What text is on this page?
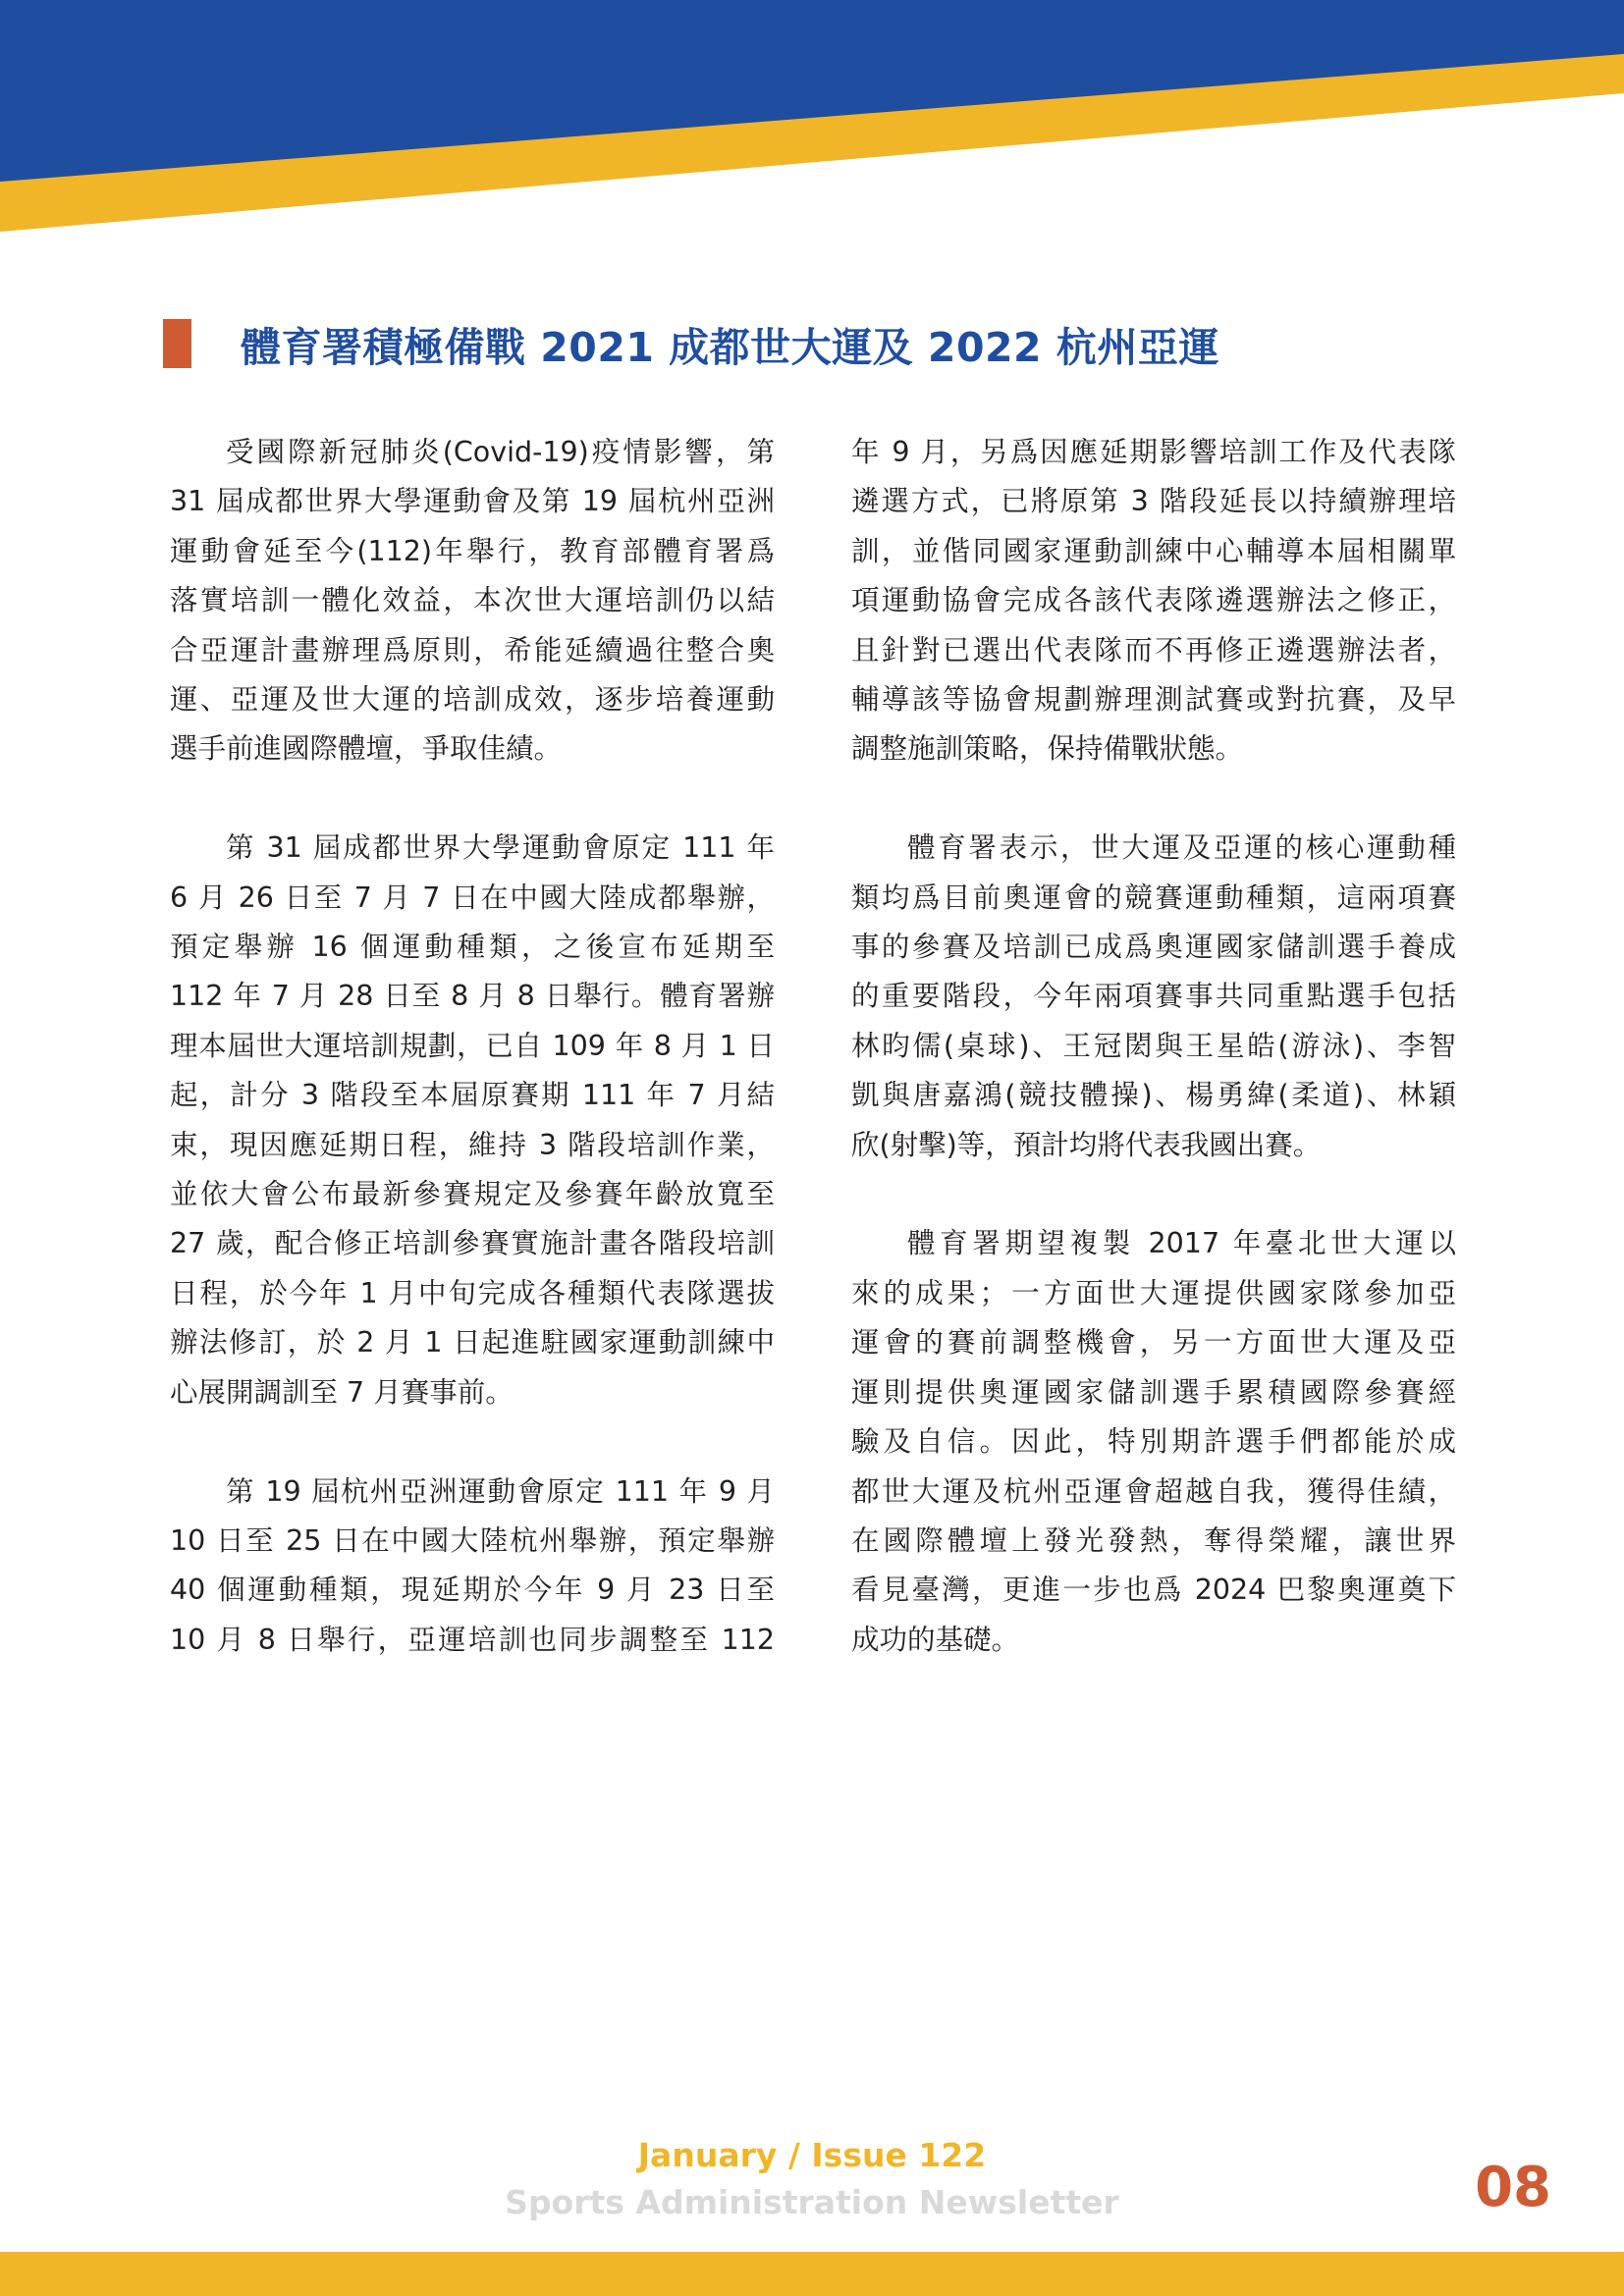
體育署積極備戰 2021 成都世大運及 2022 杭州亞運

受國際新冠肺炎(Covid-19)疫情影響，第
31 屆成都世界大學運動會及第 19 屆杭州亞洲
運動會延至今(112)年舉行，教育部體育署爲
落實培訓一體化效益，本次世大運培訓仍以結
合亞運計畫辦理爲原則，希能延續過往整合奧
運、亞運及世大運的培訓成效，逐步培養運動
選手前進國際體壇，爭取佳績。

第 31 屆成都世界大學運動會原定 111 年
6 月 26 日至 7 月 7 日在中國大陸成都舉辦，
預定舉辦 16 個運動種類，之後宣布延期至
112 年 7 月 28 日至 8 月 8 日舉行。體育署辦
理本屆世大運培訓規劃，已自 109 年 8 月 1 日
起，計分 3 階段至本屆原賽期 111 年 7 月結
束，現因應延期日程，維持 3 階段培訓作業，
並依大會公布最新參賽規定及參賽年齡放寬至
27 歲，配合修正培訓參賽實施計畫各階段培訓
日程，於今年 1 月中旬完成各種類代表隊選拔
辦法修訂，於 2 月 1 日起進駐國家運動訓練中
心展開調訓至 7 月賽事前。

第 19 屆杭州亞洲運動會原定 111 年 9 月
10 日至 25 日在中國大陸杭州舉辦，預定舉辦
40 個運動種類，現延期於今年 9 月 23 日至
10 月 8 日舉行，亞運培訓也同步調整至 112

年 9 月，另爲因應延期影響培訓工作及代表隊
遴選方式，已將原第 3 階段延長以持續辦理培
訓，並偕同國家運動訓練中心輔導本屆相關單
項運動協會完成各該代表隊遴選辦法之修正，
且針對已選出代表隊而不再修正遴選辦法者，
輔導該等協會規劃辦理測試賽或對抗賽，及早
調整施訓策略，保持備戰狀態。

體育署表示，世大運及亞運的核心運動種
類均爲目前奧運會的競賽運動種類，這兩項賽
事的參賽及培訓已成爲奧運國家儲訓選手養成
的重要階段，今年兩項賽事共同重點選手包括
林昀儒(桌球)、王冠閎與王星皓(游泳)、李智
凱與唐嘉鴻(競技體操)、楊勇緯(柔道)、林穎
欣(射擊)等，預計均將代表我國出賽。

體育署期望複製 2017 年臺北世大運以
來的成果；一方面世大運提供國家隊參加亞
運會的賽前調整機會，另一方面世大運及亞
運則提供奧運國家儲訓選手累積國際參賽經
驗及自信。因此，特別期許選手們都能於成
都世大運及杭州亞運會超越自我，獲得佳績，
在國際體壇上發光發熱，奪得榮耀，讓世界
看見臺灣，更進一步也爲 2024 巴黎奧運奠下
成功的基礎。

January / Issue 122
Sports Administration Newsletter	08
